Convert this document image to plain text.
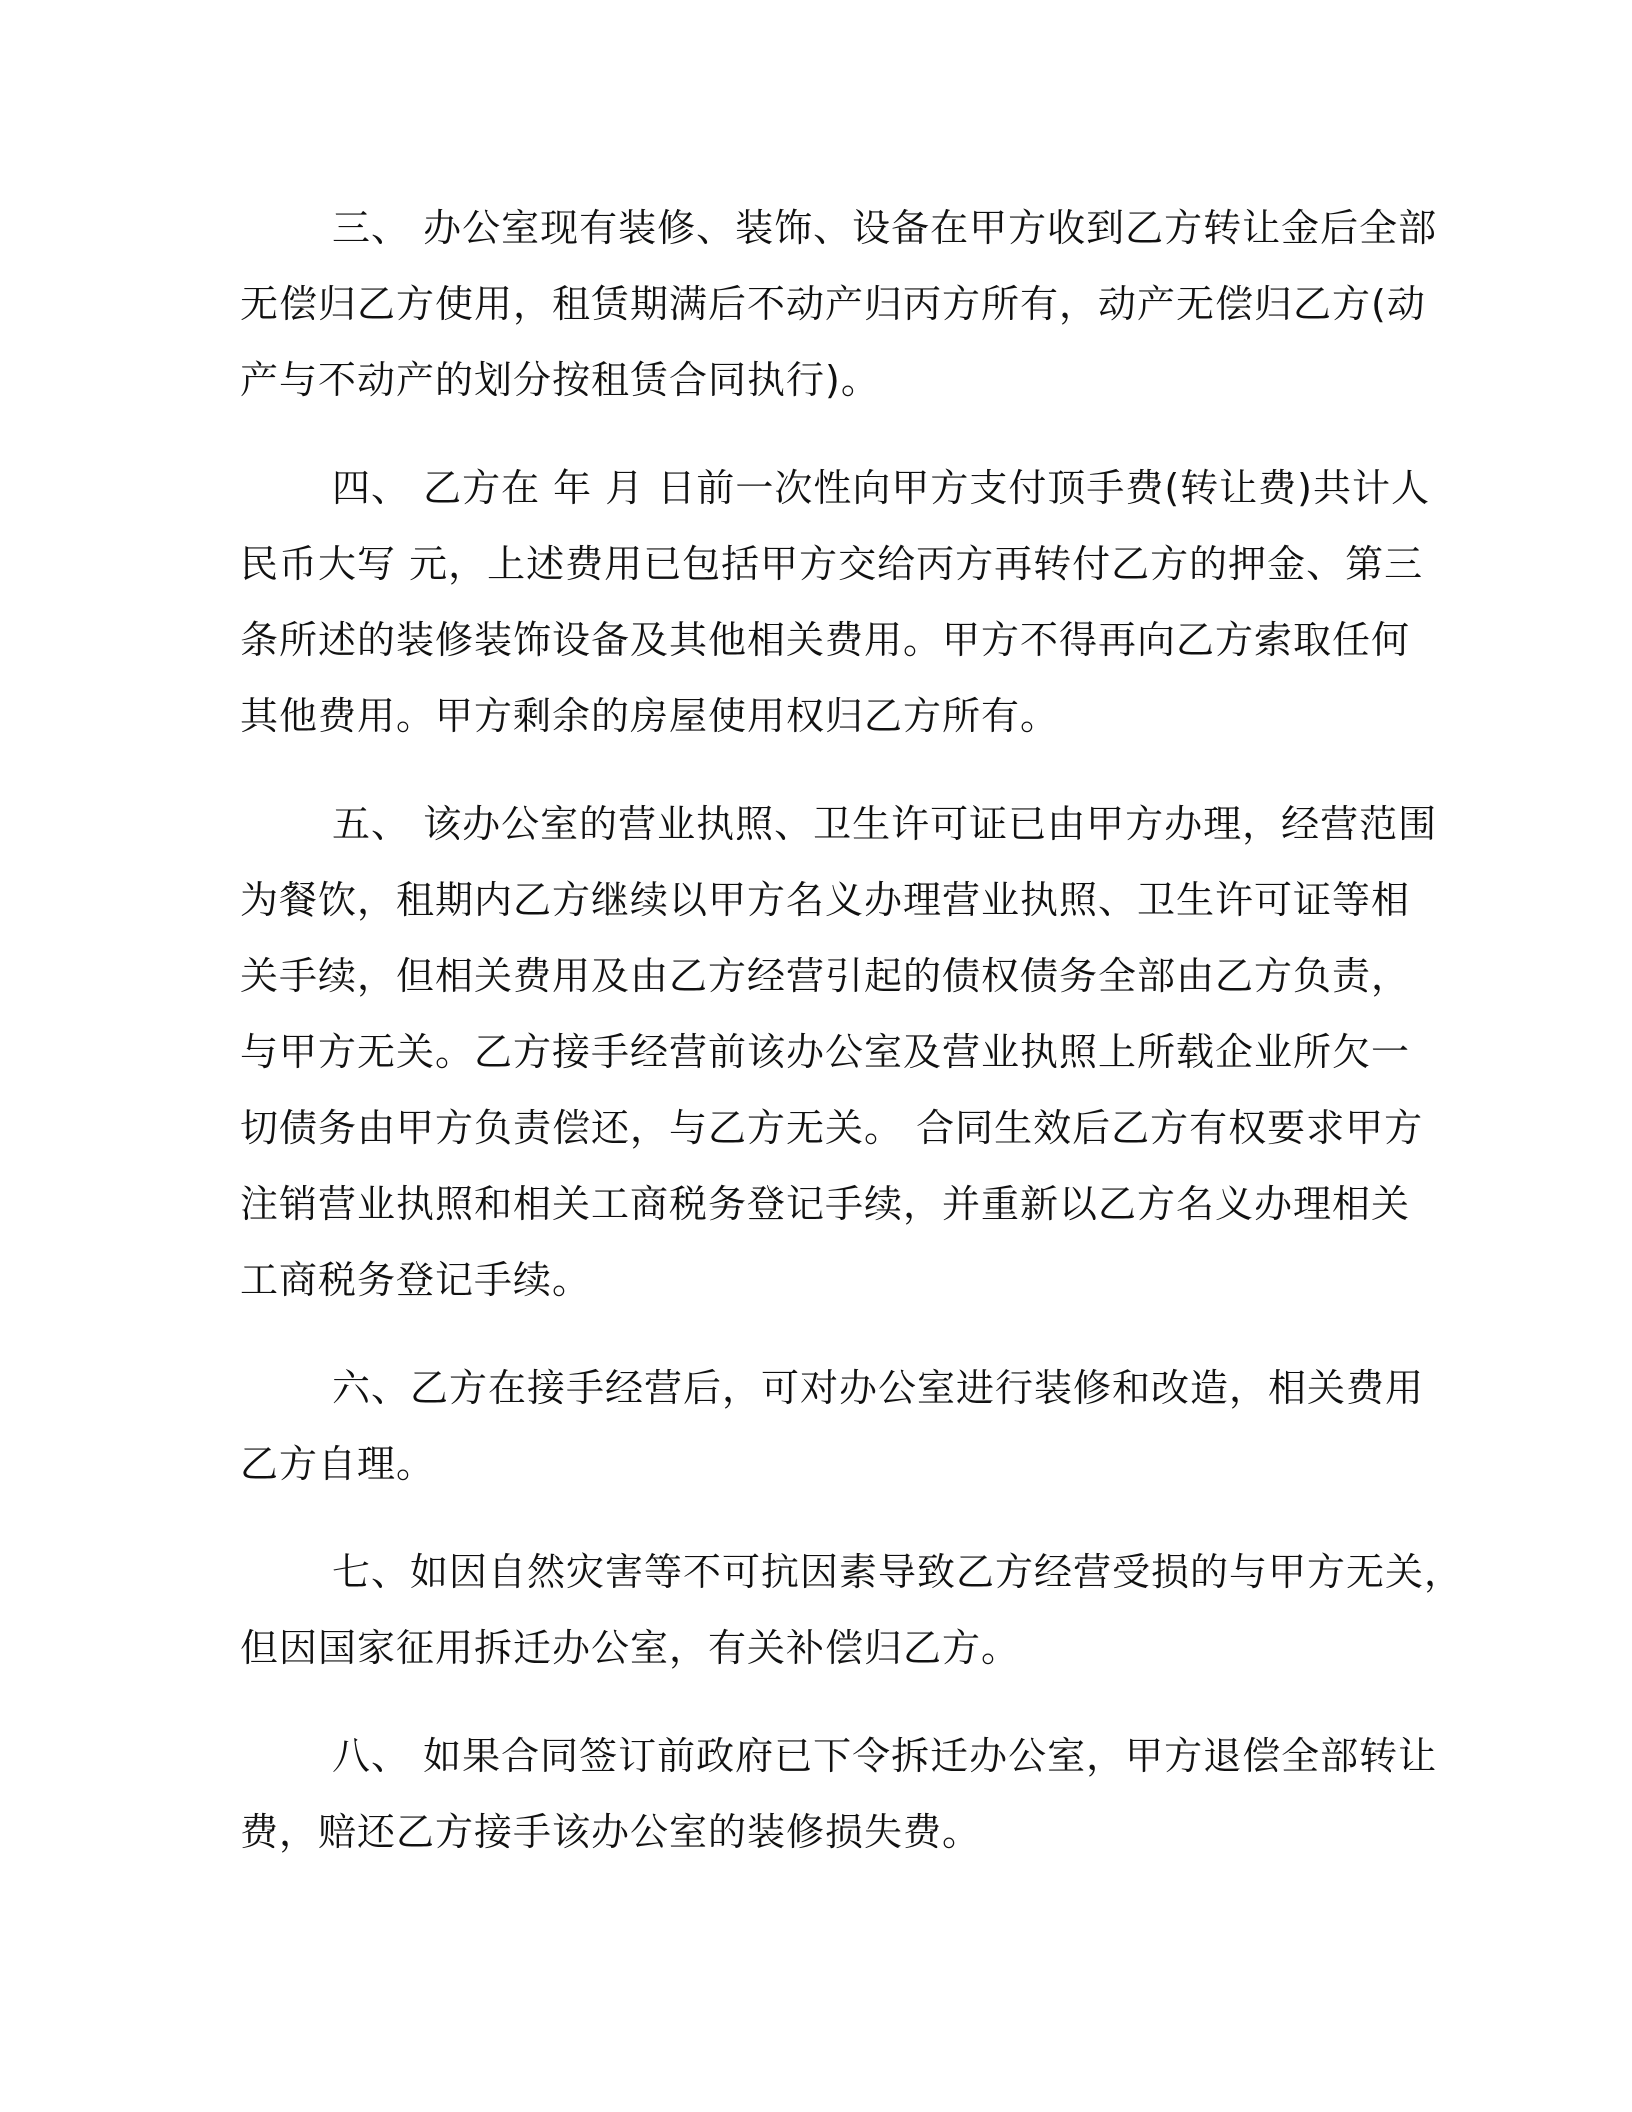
三、 办公室现有装修、装饰、设备在甲方收到乙方转让金后全部
无偿归乙方使用，租赁期满后不动产归丙方所有，动产无偿归乙方(动
产与不动产的划分按租赁合同执行)。
四、 乙方在 年 月 日前一次性向甲方支付顶手费(转让费)共计人
民币大写 元，上述费用已包括甲方交给丙方再转付乙方的押金、第三
条所述的装修装饰设备及其他相关费用。甲方不得再向乙方索取任何
其他费用。甲方剩余的房屋使用权归乙方所有。
五、 该办公室的营业执照、卫生许可证已由甲方办理，经营范围
为餐饮，租期内乙方继续以甲方名义办理营业执照、卫生许可证等相
关手续，但相关费用及由乙方经营引起的债权债务全部由乙方负责，
与甲方无关。乙方接手经营前该办公室及营业执照上所载企业所欠一
切债务由甲方负责偿还，与乙方无关。 合同生效后乙方有权要求甲方
注销营业执照和相关工商税务登记手续，并重新以乙方名义办理相关
工商税务登记手续。
六、乙方在接手经营后，可对办公室进行装修和改造，相关费用
乙方自理。
七、如因自然灾害等不可抗因素导致乙方经营受损的与甲方无关，
但因国家征用拆迁办公室，有关补偿归乙方。
八、 如果合同签订前政府已下令拆迁办公室，甲方退偿全部转让
费，赔还乙方接手该办公室的装修损失费。
